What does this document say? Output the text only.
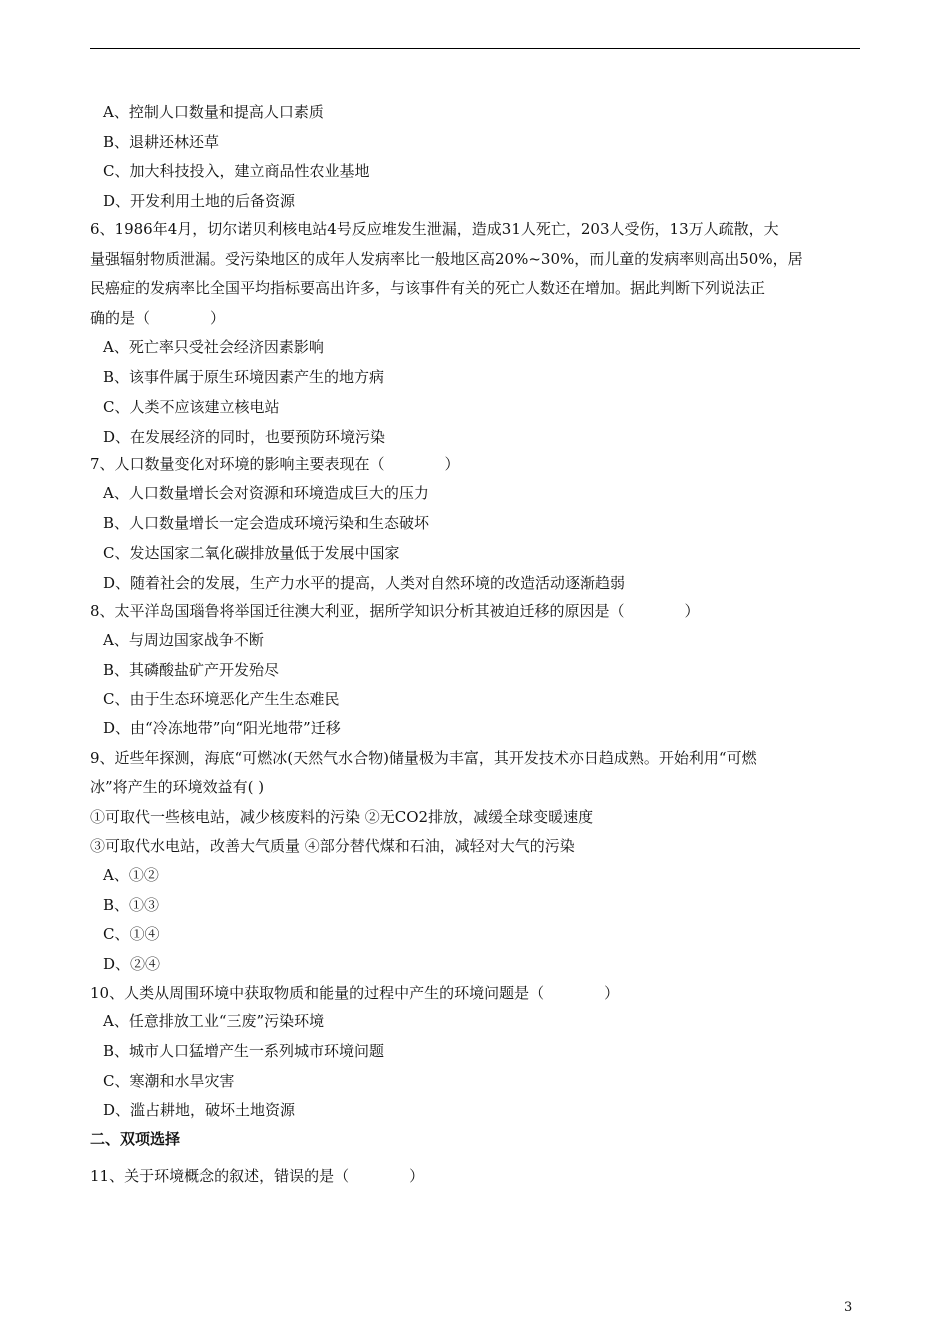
A、控制人口数量和提高人口素质
B、退耕还林还草
C、加大科技投入，建立商品性农业基地
D、开发利用土地的后备资源
6、1986年4月，切尔诺贝利核电站4号反应堆发生泄漏，造成31人死亡，203人受伤，13万人疏散，大
量强辐射物质泄漏。受污染地区的成年人发病率比一般地区高20%~30%，而儿童的发病率则高出50%，居
民癌症的发病率比全国平均指标要高出许多，与该事件有关的死亡人数还在增加。据此判断下列说法正
确的是（　　　　）
A、死亡率只受社会经济因素影响
B、该事件属于原生环境因素产生的地方病
C、人类不应该建立核电站
D、在发展经济的同时，也要预防环境污染
7、人口数量变化对环境的影响主要表现在（　　　　）
A、人口数量增长会对资源和环境造成巨大的压力
B、人口数量增长一定会造成环境污染和生态破坏
C、发达国家二氧化碳排放量低于发展中国家
D、随着社会的发展，生产力水平的提高，人类对自然环境的改造活动逐渐趋弱
8、太平洋岛国瑙鲁将举国迁往澳大利亚，据所学知识分析其被迫迁移的原因是（　　　　）
A、与周边国家战争不断
B、其磷酸盐矿产开发殆尽
C、由于生态环境恶化产生生态难民
D、由“冷冻地带”向“阳光地带”迁移
9、近些年探测，海底“可燃冰(天然气水合物)储量极为丰富，其开发技术亦日趋成熟。开始利用“可燃
冰”将产生的环境效益有( )
①可取代一些核电站，减少核废料的污染 ②无CO2排放，减缓全球变暖速度
③可取代水电站，改善大气质量 ④部分替代煤和石油，减轻对大气的污染
A、①②
B、①③
C、①④
D、②④
10、人类从周围环境中获取物质和能量的过程中产生的环境问题是（　　　　）
A、任意排放工业“三废”污染环境
B、城市人口猛增产生一系列城市环境问题
C、寒潮和水旱灾害
D、滥占耕地，破坏土地资源
二、双项选择
11、关于环境概念的叙述，错误的是（　　　　）
3
